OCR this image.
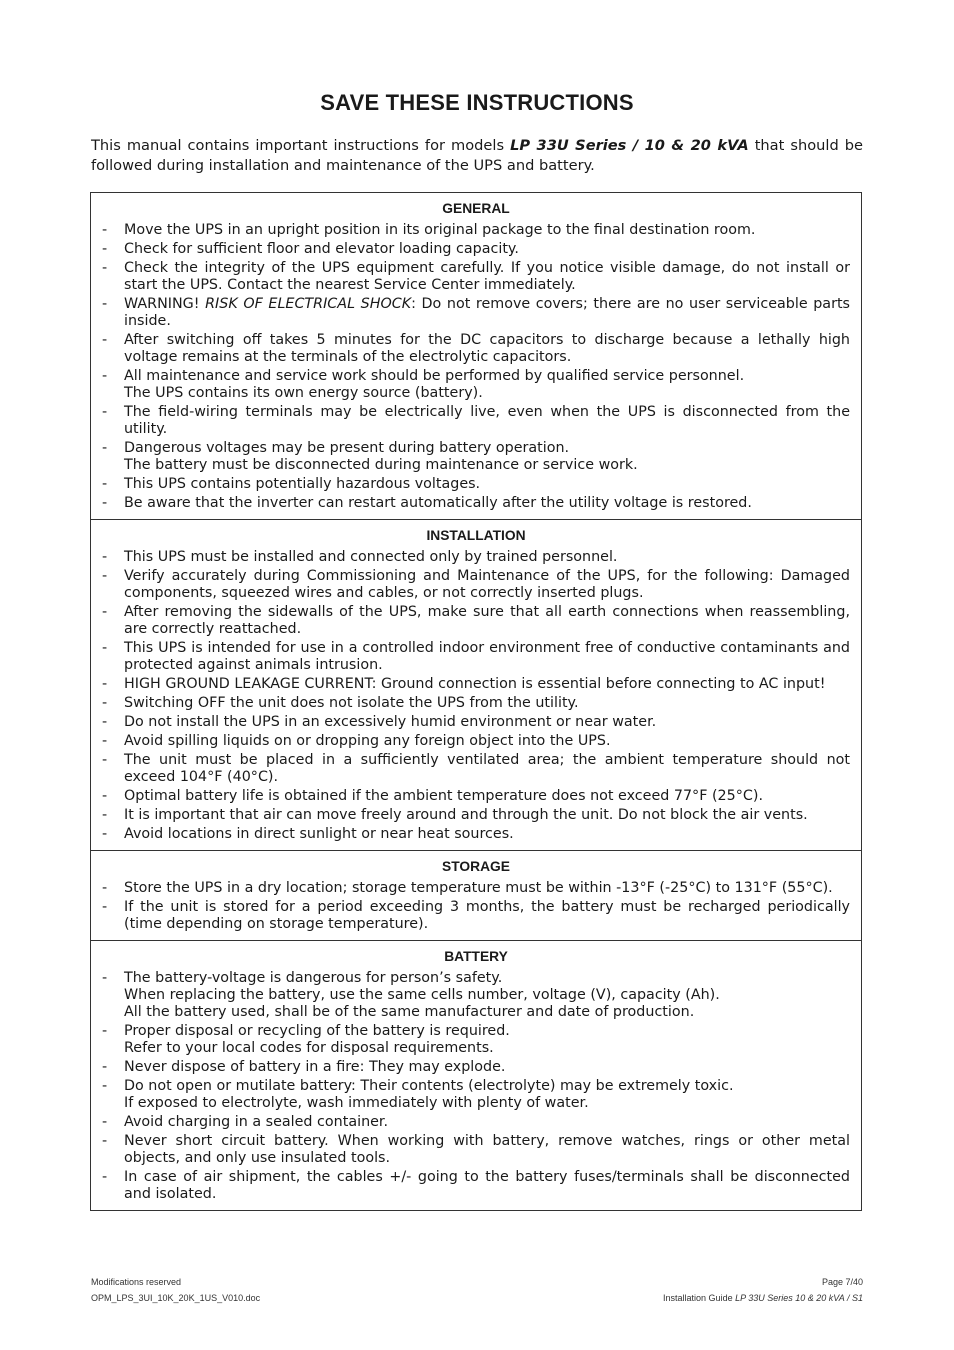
SAVE THESE INSTRUCTIONS
This manual contains important instructions for models LP 33U Series / 10 & 20 kVA that should be followed during installation and maintenance of the UPS and battery.
GENERAL
- Move the UPS in an upright position in its original package to the final destination room.
- Check for sufficient floor and elevator loading capacity.
- Check the integrity of the UPS equipment carefully. If you notice visible damage, do not install or start the UPS. Contact the nearest Service Center immediately.
- WARNING! RISK OF ELECTRICAL SHOCK: Do not remove covers; there are no user serviceable parts inside.
- After switching off takes 5 minutes for the DC capacitors to discharge because a lethally high voltage remains at the terminals of the electrolytic capacitors.
- All maintenance and service work should be performed by qualified service personnel.
The UPS contains its own energy source (battery).
- The field-wiring terminals may be electrically live, even when the UPS is disconnected from the utility.
- Dangerous voltages may be present during battery operation.
The battery must be disconnected during maintenance or service work.
- This UPS contains potentially hazardous voltages.
- Be aware that the inverter can restart automatically after the utility voltage is restored.
INSTALLATION
- This UPS must be installed and connected only by trained personnel.
- Verify accurately during Commissioning and Maintenance of the UPS, for the following: Damaged components, squeezed wires and cables, or not correctly inserted plugs.
- After removing the sidewalls of the UPS, make sure that all earth connections when reassembling, are correctly reattached.
- This UPS is intended for use in a controlled indoor environment free of conductive contaminants and protected against animals intrusion.
- HIGH GROUND LEAKAGE CURRENT: Ground connection is essential before connecting to AC input!
- Switching OFF the unit does not isolate the UPS from the utility.
- Do not install the UPS in an excessively humid environment or near water.
- Avoid spilling liquids on or dropping any foreign object into the UPS.
- The unit must be placed in a sufficiently ventilated area; the ambient temperature should not exceed 104°F (40°C).
- Optimal battery life is obtained if the ambient temperature does not exceed 77°F (25°C).
- It is important that air can move freely around and through the unit. Do not block the air vents.
- Avoid locations in direct sunlight or near heat sources.
STORAGE
- Store the UPS in a dry location; storage temperature must be within -13°F (-25°C) to 131°F (55°C).
- If the unit is stored for a period exceeding 3 months, the battery must be recharged periodically (time depending on storage temperature).
BATTERY
- The battery-voltage is dangerous for person’s safety.
When replacing the battery, use the same cells number, voltage (V), capacity (Ah).
All the battery used, shall be of the same manufacturer and date of production.
- Proper disposal or recycling of the battery is required.
Refer to your local codes for disposal requirements.
- Never dispose of battery in a fire: They may explode.
- Do not open or mutilate battery: Their contents (electrolyte) may be extremely toxic.
If exposed to electrolyte, wash immediately with plenty of water.
- Avoid charging in a sealed container.
- Never short circuit battery. When working with battery, remove watches, rings or other metal objects, and only use insulated tools.
- In case of air shipment, the cables +/- going to the battery fuses/terminals shall be disconnected and isolated.
Modifications reserved	Page 7/40
OPM_LPS_3UI_10K_20K_1US_V010.doc	Installation Guide LP 33U Series 10 & 20 kVA / S1
